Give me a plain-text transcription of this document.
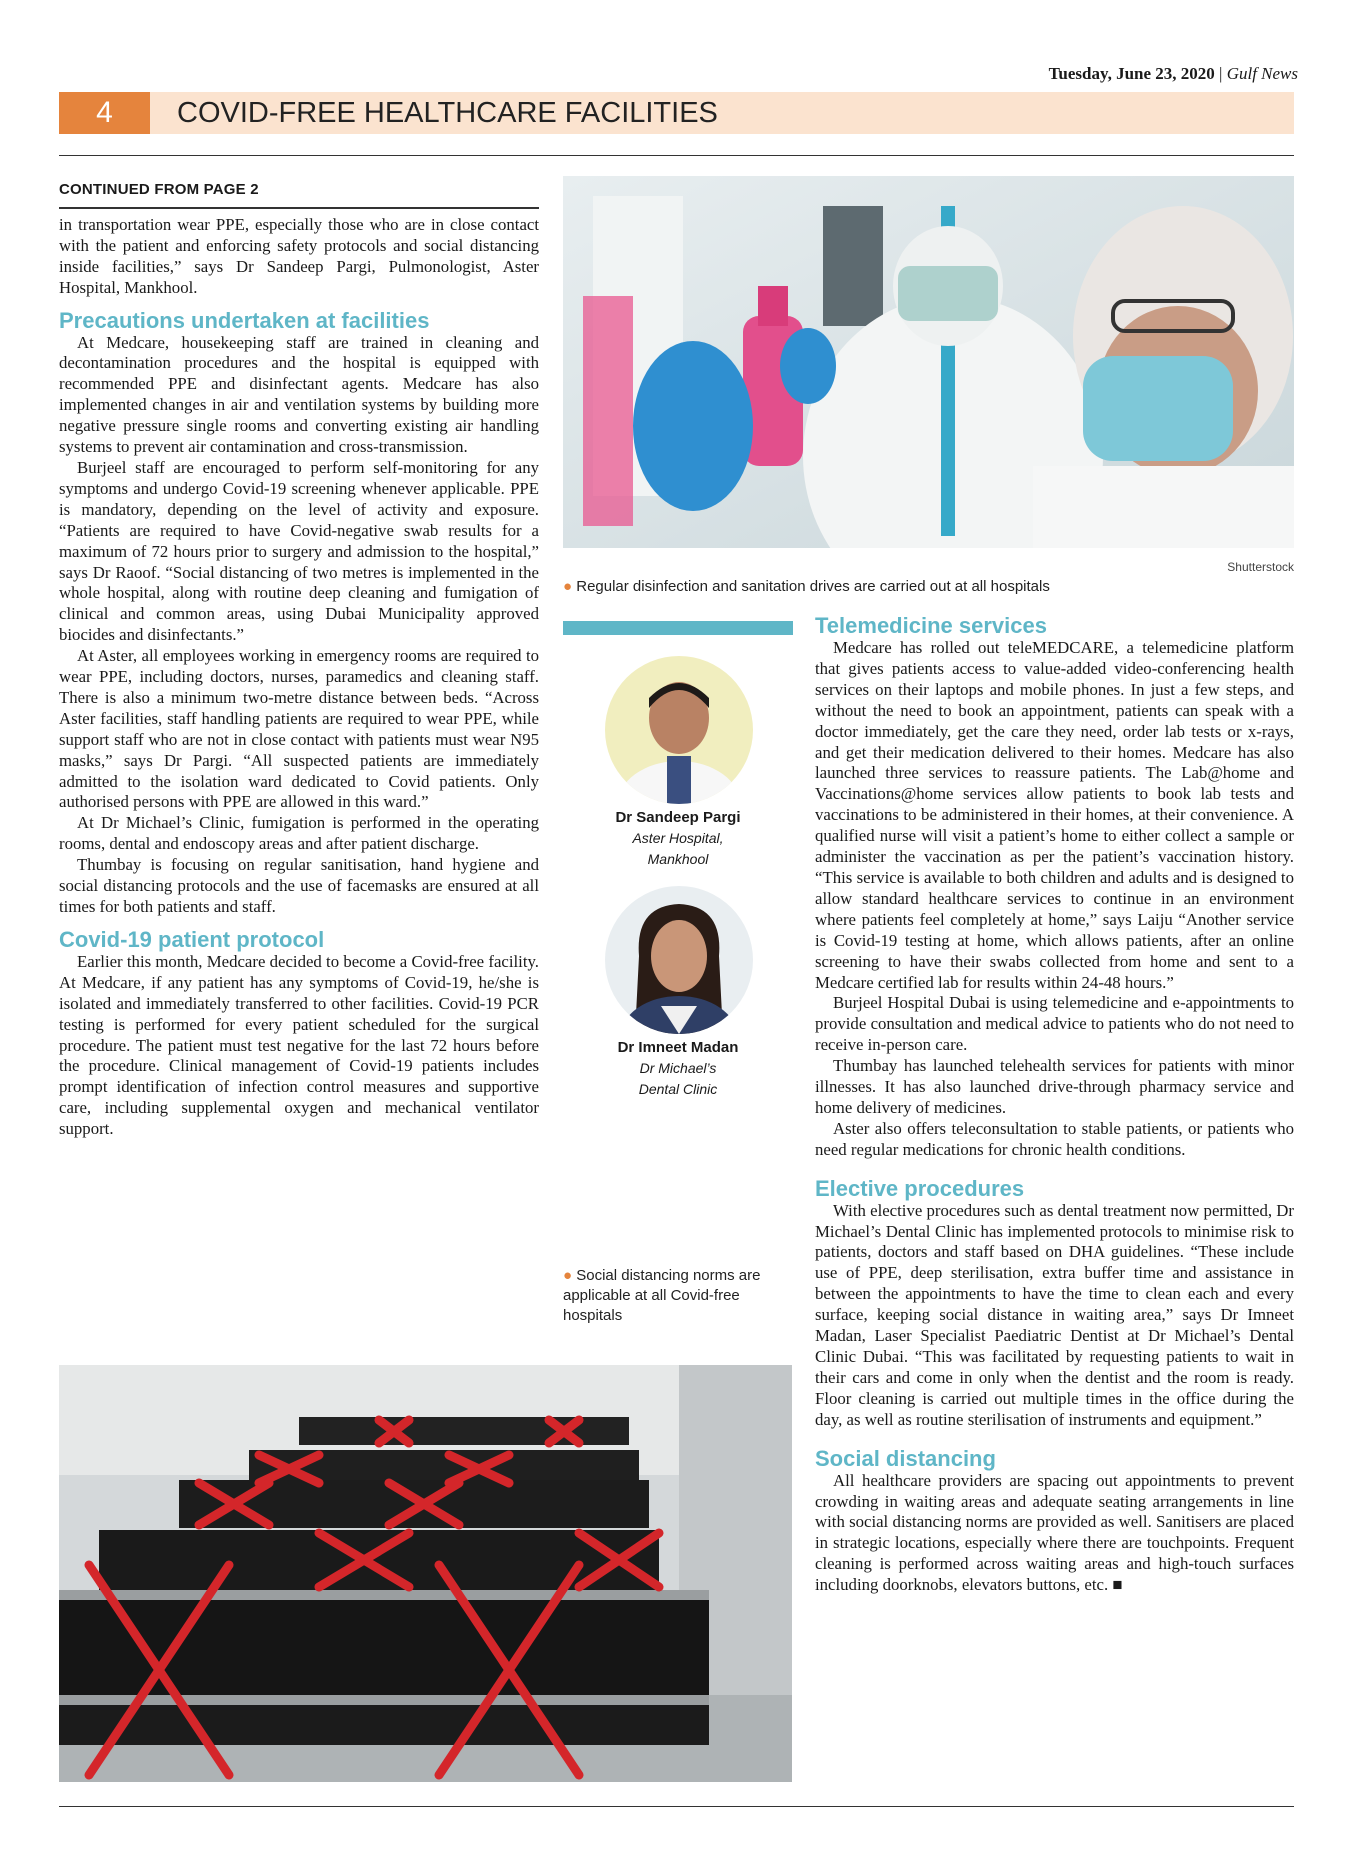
Tuesday, June 23, 2020 | Gulf News
4	COVID-FREE HEALTHCARE FACILITIES
CONTINUED FROM PAGE 2

in transportation wear PPE, especially those who are in close contact with the patient and enforcing safety protocols and social distancing inside facilities,” says Dr Sandeep Pargi, Pulmonologist, Aster Hospital, Mankhool.

Precautions undertaken at facilities

At Medcare, housekeeping staff are trained in cleaning and decontamination procedures and the hospital is equipped with recommended PPE and disinfectant agents. Medcare has also implemented changes in air and ventilation systems by building more negative pressure single rooms and converting existing air handling systems to prevent air contamination and cross-transmission.

Burjeel staff are encouraged to perform self-monitoring for any symptoms and undergo Covid-19 screening whenever applicable. PPE is mandatory, depending on the level of activity and exposure. “Patients are required to have Covid-negative swab results for a maximum of 72 hours prior to surgery and admission to the hospital,” says Dr Raoof. “Social distancing of two metres is implemented in the whole hospital, along with routine deep cleaning and fumigation of clinical and common areas, using Dubai Municipality approved biocides and disinfectants.”

At Aster, all employees working in emergency rooms are required to wear PPE, including doctors, nurses, paramedics and cleaning staff. There is also a minimum two-metre distance between beds. “Across Aster facilities, staff handling patients are required to wear PPE, while support staff who are not in close contact with patients must wear N95 masks,” says Dr Pargi. “All suspected patients are immediately admitted to the isolation ward dedicated to Covid patients. Only authorised persons with PPE are allowed in this ward.”

At Dr Michael’s Clinic, fumigation is performed in the operating rooms, dental and endoscopy areas and after patient discharge.

Thumbay is focusing on regular sanitisation, hand hygiene and social distancing protocols and the use of facemasks are ensured at all times for both patients and staff.

Covid-19 patient protocol

Earlier this month, Medcare decided to become a Covid-free facility. At Medcare, if any patient has any symptoms of Covid-19, he/she is isolated and immediately transferred to other facilities. Covid-19 PCR testing is performed for every patient scheduled for the surgical procedure. The patient must test negative for the last 72 hours before the procedure. Clinical management of Covid-19 patients includes prompt identification of infection control measures and supportive care, including supplemental oxygen and mechanical ventilator support.

Shutterstock
● Regular disinfection and sanitation drives are carried out at all hospitals
Dr Sandeep Pargi
Aster Hospital,
Mankhool
Dr Imneet Madan
Dr Michael’s
Dental Clinic
● Social distancing norms are applicable at all Covid-free hospitals
Telemedicine services

Medcare has rolled out teleMEDCARE, a telemedicine platform that gives patients access to value-added video-conferencing health services on their laptops and mobile phones. In just a few steps, and without the need to book an appointment, patients can speak with a doctor immediately, get the care they need, order lab tests or x-rays, and get their medication delivered to their homes. Medcare has also launched three services to reassure patients. The Lab@home and Vaccinations@home services allow patients to book lab tests and vaccinations to be administered in their homes, at their convenience. A qualified nurse will visit a patient’s home to either collect a sample or administer the vaccination as per the patient’s vaccination history. “This service is available to both children and adults and is designed to allow standard healthcare services to continue in an environment where patients feel completely at home,” says Laiju “Another service is Covid-19 testing at home, which allows patients, after an online screening to have their swabs collected from home and sent to a Medcare certified lab for results within 24-48 hours.”

Burjeel Hospital Dubai is using telemedicine and e-appointments to provide consultation and medical advice to patients who do not need to receive in-person care.

Thumbay has launched telehealth services for patients with minor illnesses. It has also launched drive-through pharmacy service and home delivery of medicines.

Aster also offers teleconsultation to stable patients, or patients who need regular medications for chronic health conditions.

Elective procedures

With elective procedures such as dental treatment now permitted, Dr Michael’s Dental Clinic has implemented protocols to minimise risk to patients, doctors and staff based on DHA guidelines. “These include use of PPE, deep sterilisation, extra buffer time and assistance in between the appointments to have the time to clean each and every surface, keeping social distance in waiting area,” says Dr Imneet Madan, Laser Specialist Paediatric Dentist at Dr Michael’s Dental Clinic Dubai. “This was facilitated by requesting patients to wait in their cars and come in only when the dentist and the room is ready. Floor cleaning is carried out multiple times in the office during the day, as well as routine sterilisation of instruments and equipment.”

Social distancing

All healthcare providers are spacing out appointments to prevent crowding in waiting areas and adequate seating arrangements in line with social distancing norms are provided as well. Sanitisers are placed in strategic locations, especially where there are touchpoints. Frequent cleaning is performed across waiting areas and high-touch surfaces including doorknobs, elevators buttons, etc. ■
